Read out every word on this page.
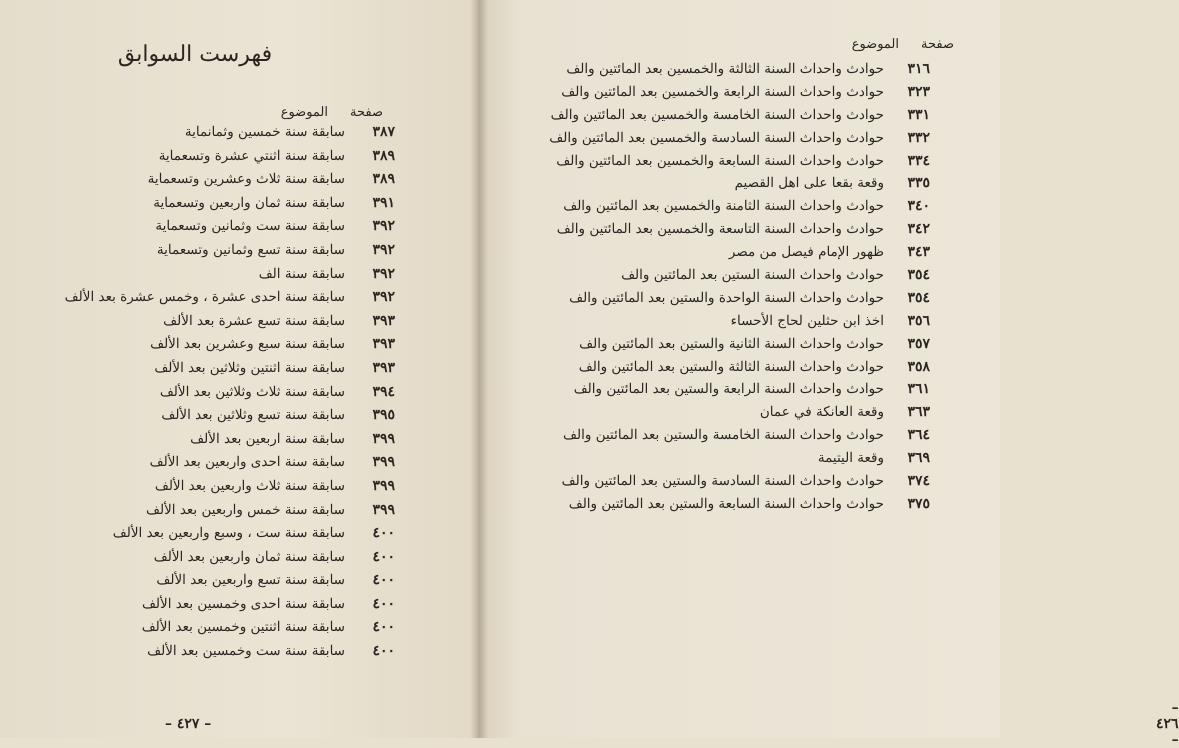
فهرست السوابق
صفحة
الموضوع
٣٨٧
سابقة سنة خمسين وثمانماية
٣٨٩
سابقة سنة اثنتي عشرة وتسعماية
٣٨٩
سابقة سنة ثلاث وعشرين وتسعماية
٣٩١
سابقة سنة ثمان واربعين وتسعماية
٣٩٢
سابقة سنة ست وثمانين وتسعماية
٣٩٢
سابقة سنة تسع وثمانين وتسعماية
٣٩٢
سابقة سنة الف
٣٩٢
سابقة سنة احدى عشرة ، وخمس عشرة بعد الألف
٣٩٣
سابقة سنة تسع عشرة بعد الألف
٣٩٣
سابقة سنة سبع وعشرين بعد الألف
٣٩٣
سابقة سنة اثنتين وثلاثين بعد الألف
٣٩٤
سابقة سنة ثلاث وثلاثين بعد الألف
٣٩٥
سابقة سنة تسع وثلاثين بعد الألف
٣٩٩
سابقة سنة اربعين بعد الألف
٣٩٩
سابقة سنة احدى واربعين بعد الألف
٣٩٩
سابقة سنة ثلاث واربعين بعد الألف
٣٩٩
سابقة سنة خمس واربعين بعد الألف
٤٠٠
سابقة سنة ست ، وسبع واربعين بعد الألف
٤٠٠
سابقة سنة ثمان واربعين بعد الألف
٤٠٠
سابقة سنة تسع واربعين بعد الألف
٤٠٠
سابقة سنة احدى وخمسين بعد الألف
٤٠٠
سابقة سنة اثنتين وخمسين بعد الألف
٤٠٠
سابقة سنة ست وخمسين بعد الألف
– ٤٢٧ –
صفحة
الموضوع
٣١٦
حوادث واحداث السنة الثالثة والخمسين بعد المائتين والف
٣٢٣
حوادث واحداث السنة الرابعة والخمسين بعد المائتين والف
٣٣١
حوادث واحداث السنة الخامسة والخمسين بعد المائتين والف
٣٣٢
حوادث واحداث السنة السادسة والخمسين بعد المائتين والف
٣٣٤
حوادث واحداث السنة السابعة والخمسين بعد المائتين والف
٣٣٥
وقعة بقعا على اهل القصيم
٣٤٠
حوادث واحداث السنة الثامنة والخمسين بعد المائتين والف
٣٤٢
حوادث واحداث السنة التاسعة والخمسين بعد المائتين والف
٣٤٣
ظهور الإمام فيصل من مصر
٣٥٤
حوادث واحداث السنة الستين بعد المائتين والف
٣٥٤
حوادث واحداث السنة الواحدة والستين بعد المائتين والف
٣٥٦
اخذ ابن حثلين لحاج الأحساء
٣٥٧
حوادث واحداث السنة الثانية والستين بعد المائتين والف
٣٥٨
حوادث واحداث السنة الثالثة والستين بعد المائتين والف
٣٦١
حوادث واحداث السنة الرابعة والستين بعد المائتين والف
٣٦٣
وقعة العانكة في عمان
٣٦٤
حوادث واحداث السنة الخامسة والستين بعد المائتين والف
٣٦٩
وقعة اليتيمة
٣٧٤
حوادث واحداث السنة السادسة والستين بعد المائتين والف
٣٧٥
حوادث واحداث السنة السابعة والستين بعد المائتين والف
– ٤٢٦ –
